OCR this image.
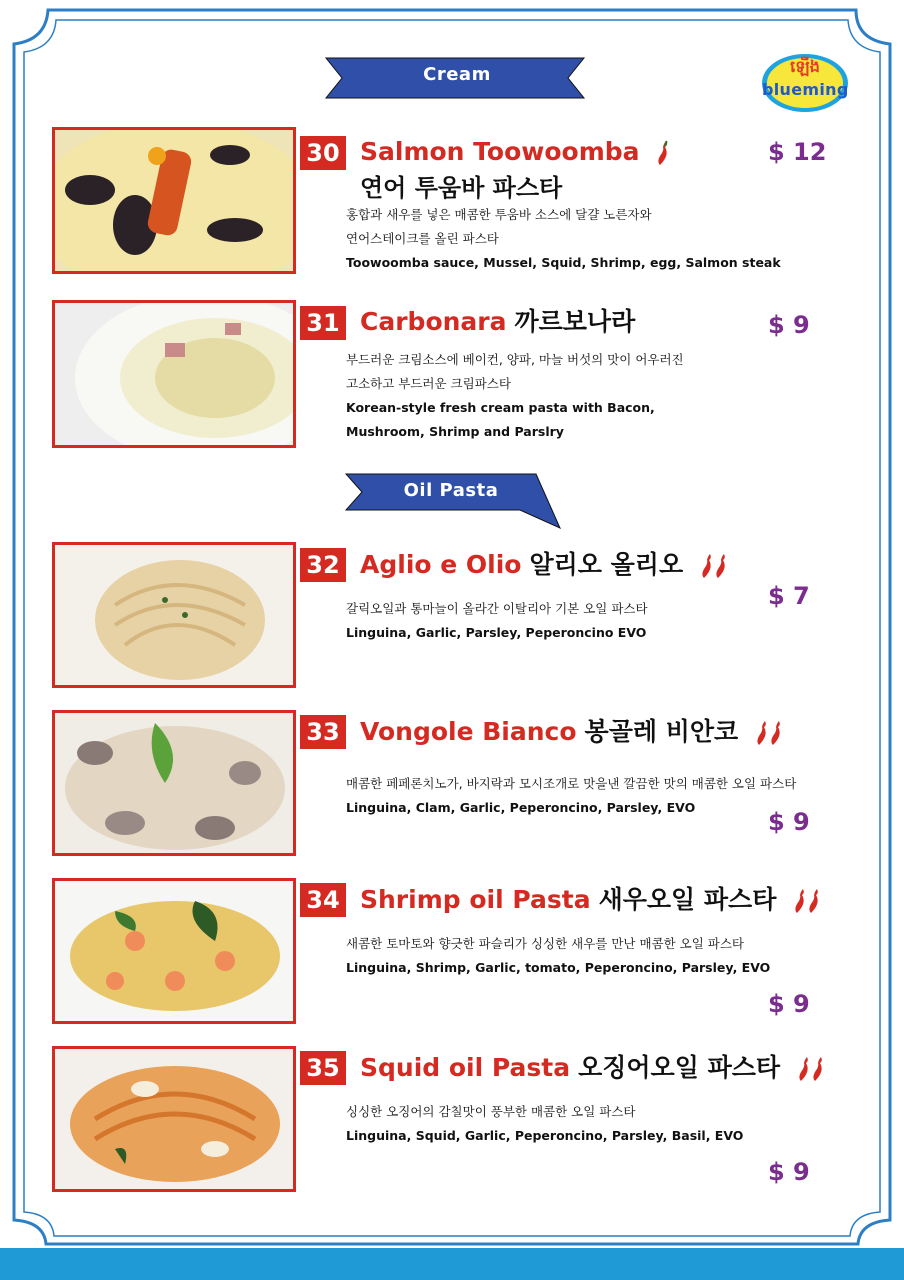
ឡើង
blueming
Cream
Oil Pasta
30 Salmon Toowoomba
연어 투움바 파스타
홍합과 새우를 넣은 매콤한 투움바 소스에 달걀 노른자와
연어스테이크를 올린 파스타
Toowoomba sauce, Mussel, Squid, Shrimp, egg, Salmon steak
$ 12
31 Carbonara 까르보나라
부드러운 크림소스에 베이컨, 양파, 마늘 버섯의 맛이 어우러진
고소하고 부드러운 크림파스타
Korean-style fresh cream pasta with Bacon,
Mushroom, Shrimp and Parslry
$ 9
32 Aglio e Olio 알리오 올리오
갈릭오일과 통마늘이 올라간 이탈리아 기본 오일 파스타
Linguina, Garlic, Parsley, Peperoncino EVO
$ 7
33 Vongole Bianco 봉골레 비안코
매콤한 페페론치노가, 바지락과 모시조개로 맛을낸 깔끔한 맛의 매콤한 오일 파스타
Linguina, Clam, Garlic, Peperoncino, Parsley, EVO
$ 9
34 Shrimp oil Pasta 새우오일 파스타
새콤한 토마토와 향긋한 파슬리가 싱싱한 새우를 만난 매콤한 오일 파스타
Linguina, Shrimp, Garlic, tomato, Peperoncino, Parsley, EVO
$ 9
35 Squid oil Pasta 오징어오일 파스타
싱싱한 오징어의 감칠맛이 풍부한 매콤한 오일 파스타
Linguina, Squid, Garlic, Peperoncino, Parsley, Basil, EVO
$ 9
